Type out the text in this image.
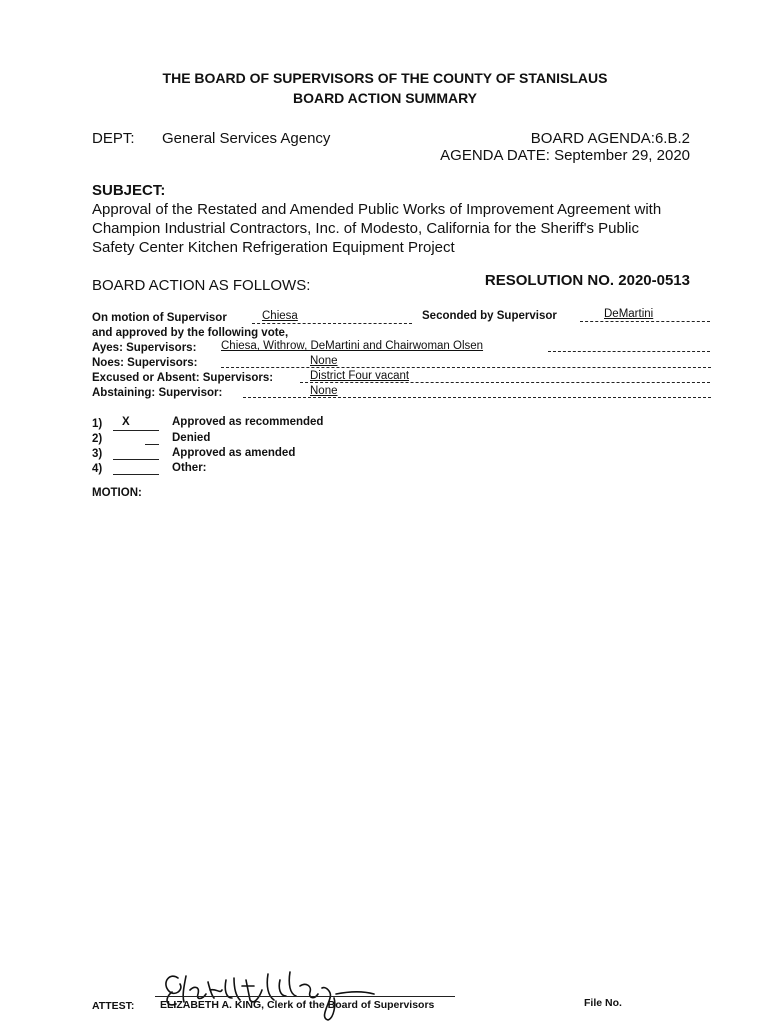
THE BOARD OF SUPERVISORS OF THE COUNTY OF STANISLAUS
BOARD ACTION SUMMARY
DEPT: General Services Agency	BOARD AGENDA:6.B.2
AGENDA DATE: September 29, 2020
SUBJECT:
Approval of the Restated and Amended Public Works of Improvement Agreement with
Champion Industrial Contractors, Inc. of Modesto, California for the Sheriff's Public
Safety Center Kitchen Refrigeration Equipment Project
BOARD ACTION AS FOLLOWS:	RESOLUTION NO. 2020-0513
On motion of Supervisor	Chiesa	Seconded by Supervisor	DeMartini
and approved by the following vote,
Ayes: Supervisors: Chiesa, Withrow, DeMartini and Chairwoman Olsen
Noes: Supervisors:	None
Excused or Absent: Supervisors:	District Four vacant
Abstaining: Supervisor:	None
1) X	Approved as recommended
2)	Denied
3)	Approved as amended
4)	Other:
MOTION:
ATTEST: ELIZABETH A. KING, Clerk of the Board of Supervisors	File No.
